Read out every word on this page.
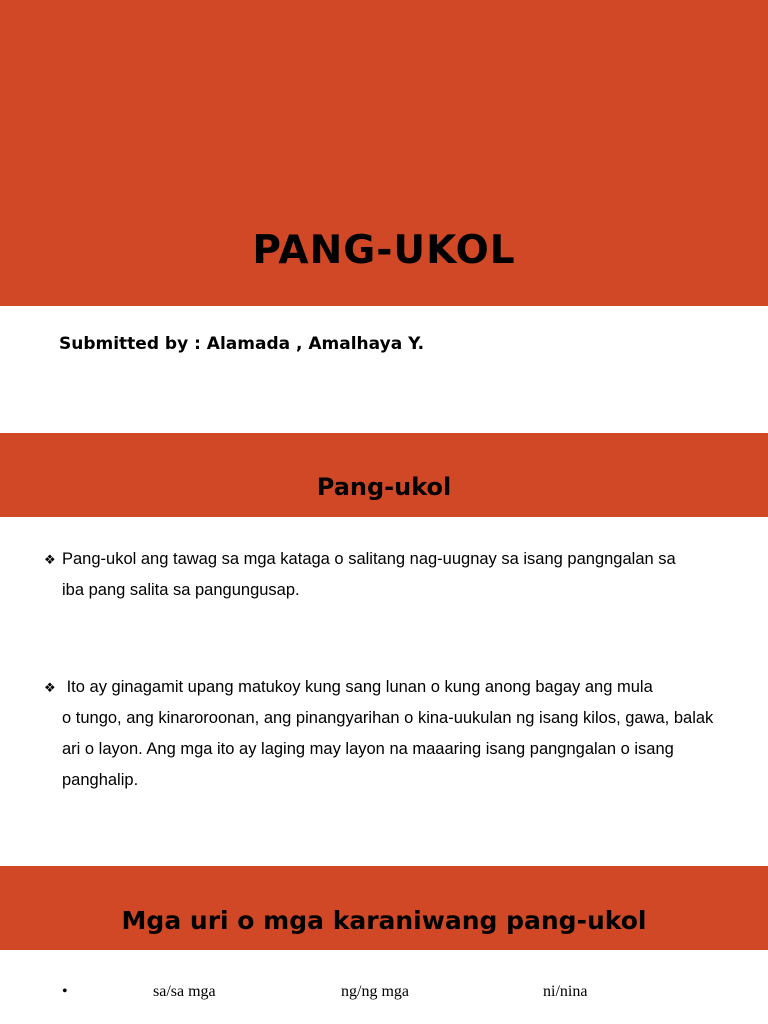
PANG-UKOL

Submitted by : Alamada , Amalhaya Y.

Pang-ukol

❖ Pang-ukol ang tawag sa mga kataga o salitang nag-uugnay sa isang pangngalan sa
iba pang salita sa pangungusap.

❖ Ito ay ginagamit upang matukoy kung sang lunan o kung anong bagay ang mula
o tungo, ang kinaroroonan, ang pinangyarihan o kina-uukulan ng isang kilos, gawa, balak ari o layon. Ang mga ito ay laging may layon na maaaring isang pangngalan o isang panghalip.

Mga uri o mga karaniwang pang-ukol
•	sa/sa mga	ng/ng mga	ni/nina
